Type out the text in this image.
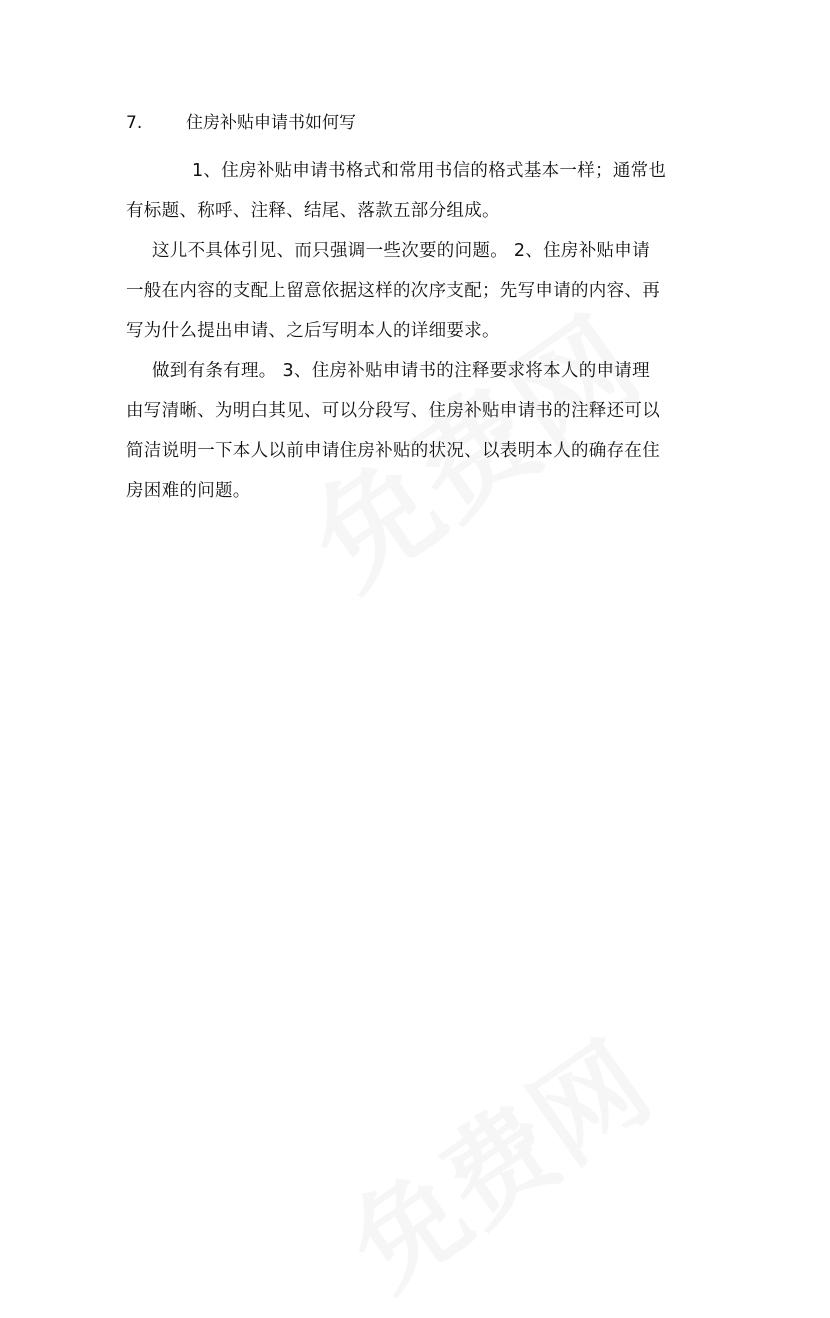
7.	住房补贴申请书如何写
1、住房补贴申请书格式和常用书信的格式基本一样；通常也
有标题、称呼、注释、结尾、落款五部分组成。
这儿不具体引见、而只强调一些次要的问题。 2、住房补贴申请
一般在内容的支配上留意依据这样的次序支配；先写申请的内容、再
写为什么提出申请、之后写明本人的详细要求。
做到有条有理。 3、住房补贴申请书的注释要求将本人的申请理
由写清晰、为明白其见、可以分段写、住房补贴申请书的注释还可以
简洁说明一下本人以前申请住房补贴的状况、以表明本人的确存在住
房困难的问题。
